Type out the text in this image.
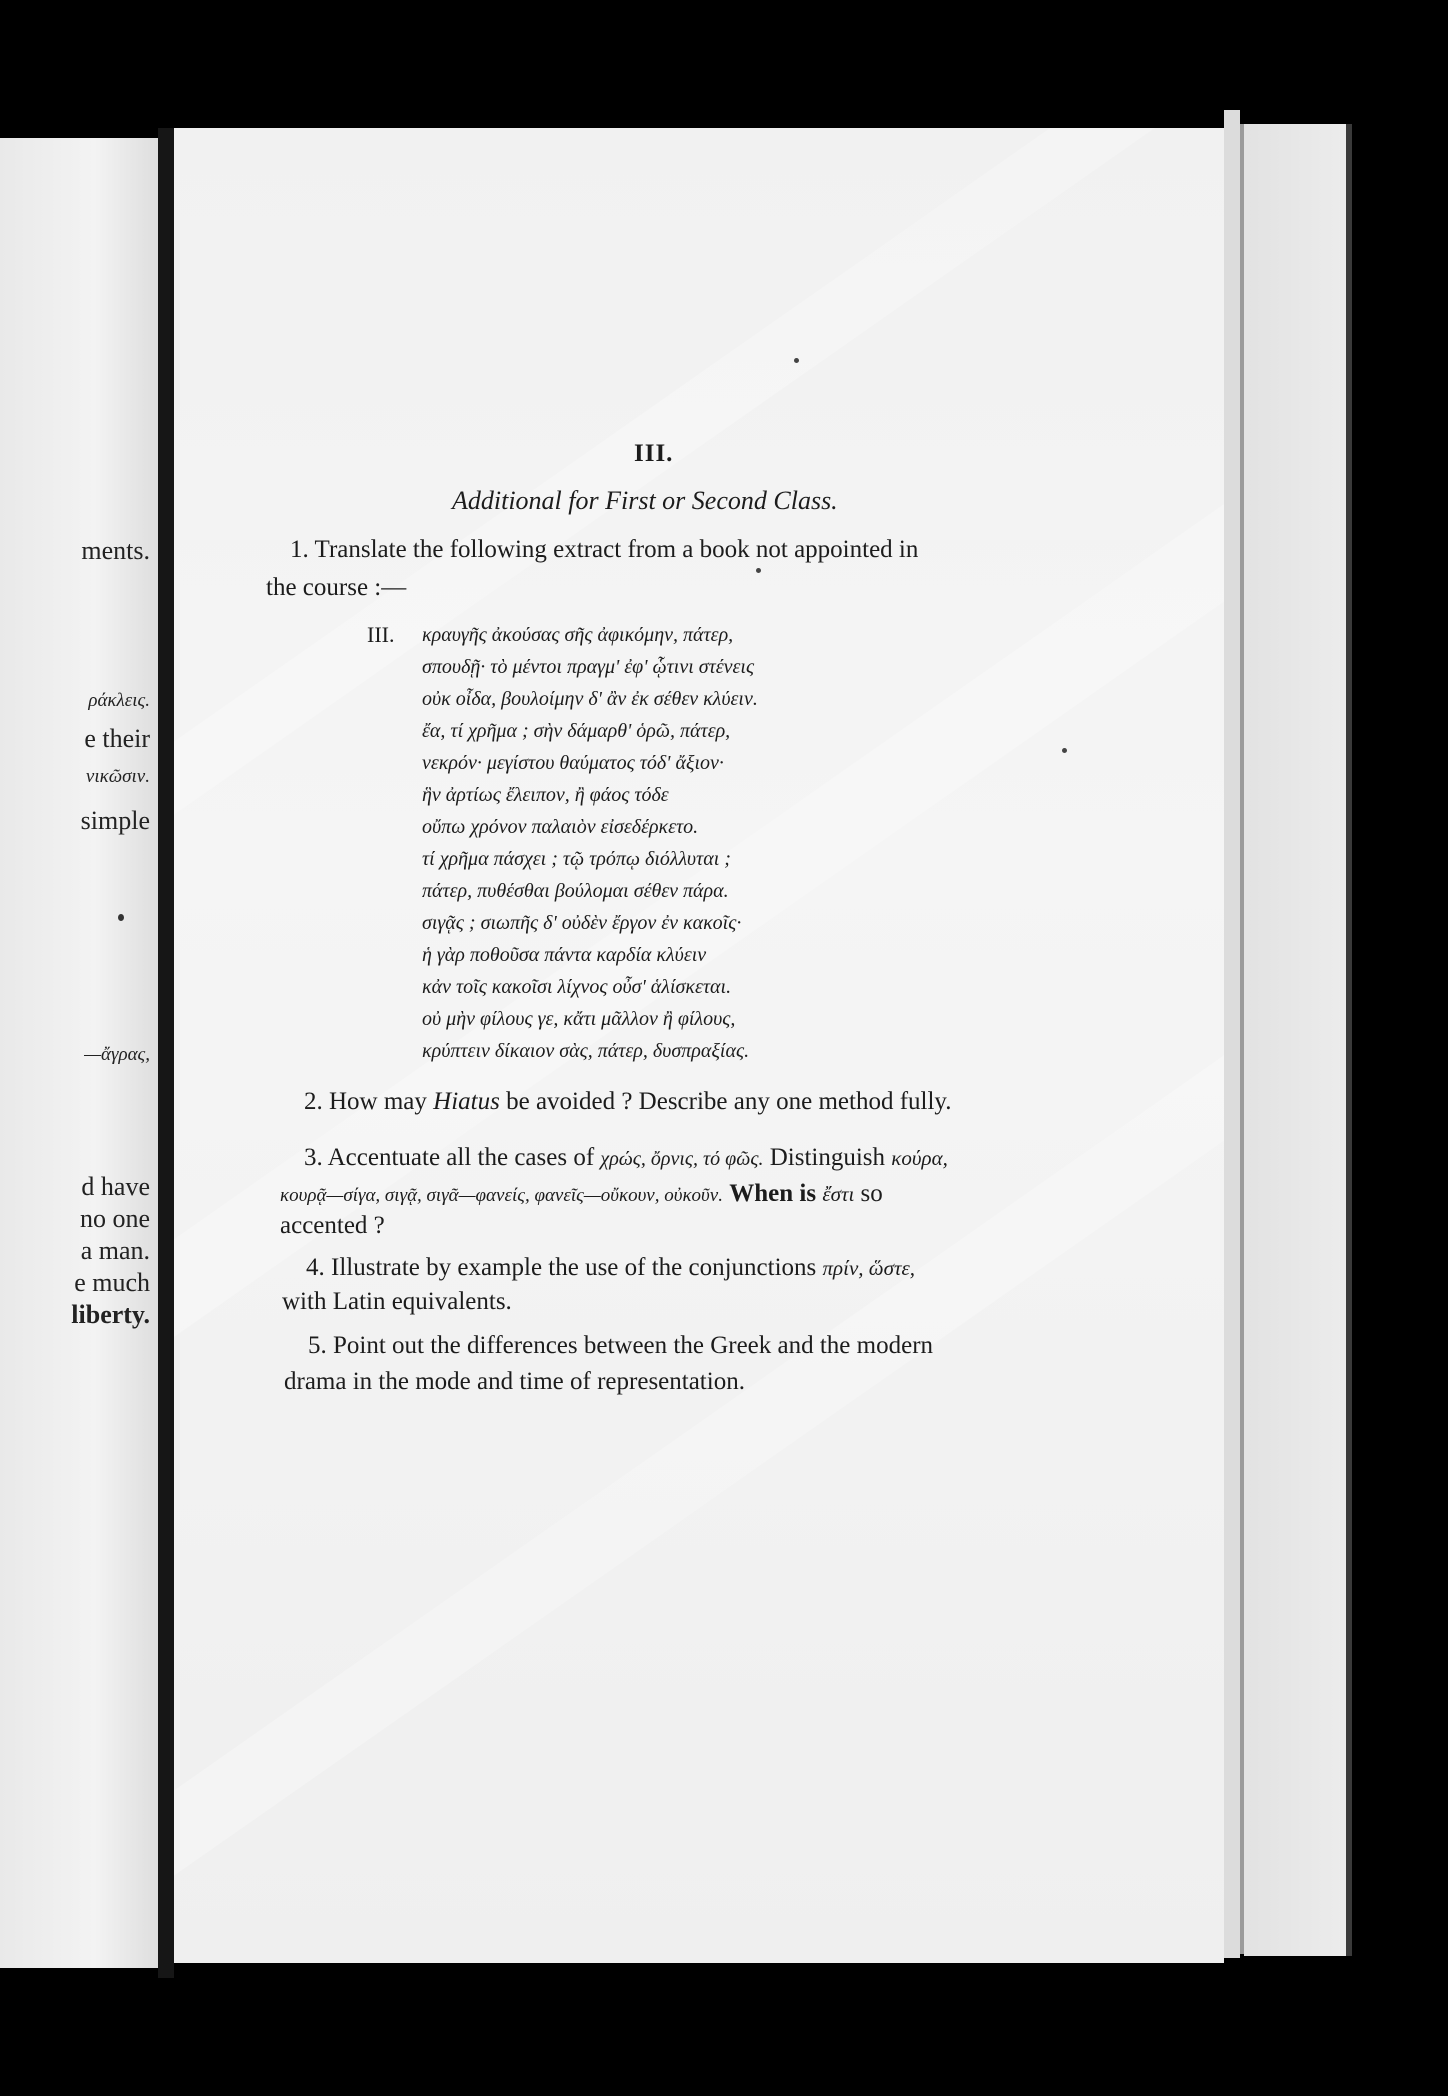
ments.
ράκλεις.
e their
νικῶσιν.
simple
—ἄγρας,
d have
no one
a man.
e much
liberty.
III.
Additional for First or Second Class.
1. Translate the following extract from a book not appointed in
the course :—
III. κραυγῆς ἀκούσας σῆς ἀφικόμην, πάτερ,
σπουδῇ· τὸ μέντοι πραγμ' ἐφ' ᾧτινι στένεις
οὐκ οἶδα, βουλοίμην δ' ἂν ἐκ σέθεν κλύειν.
ἔα, τί χρῆμα ; σὴν δάμαρθ' ὁρῶ, πάτερ,
νεκρόν· μεγίστου θαύματος τόδ' ἄξιον·
ἣν ἀρτίως ἔλειπον, ἢ φάος τόδε
οὔπω χρόνον παλαιὸν εἰσεδέρκετο.
τί χρῆμα πάσχει ; τῷ τρόπῳ διόλλυται ;
πάτερ, πυθέσθαι βούλομαι σέθεν πάρα.
σιγᾷς ; σιωπῆς δ' οὐδὲν ἔργον ἐν κακοῖς·
ἡ γὰρ ποθοῦσα πάντα καρδία κλύειν
κἀν τοῖς κακοῖσι λίχνος οὖσ' ἁλίσκεται.
οὐ μὴν φίλους γε, κἄτι μᾶλλον ἢ φίλους,
κρύπτειν δίκαιον σὰς, πάτερ, δυσπραξίας.
2. How may Hiatus be avoided ? Describe any one method fully.
3. Accentuate all the cases of χρώς, ὄρνις, τό φῶς. Distinguish κούρα,
κουρᾷ—σίγα, σιγᾷ, σιγᾶ—φανείς, φανεῖς—οὔκουν, οὐκοῦν. When is ἔστι so
accented ?
4. Illustrate by example the use of the conjunctions πρίν, ὥστε,
with Latin equivalents.
5. Point out the differences between the Greek and the modern
drama in the mode and time of representation.
